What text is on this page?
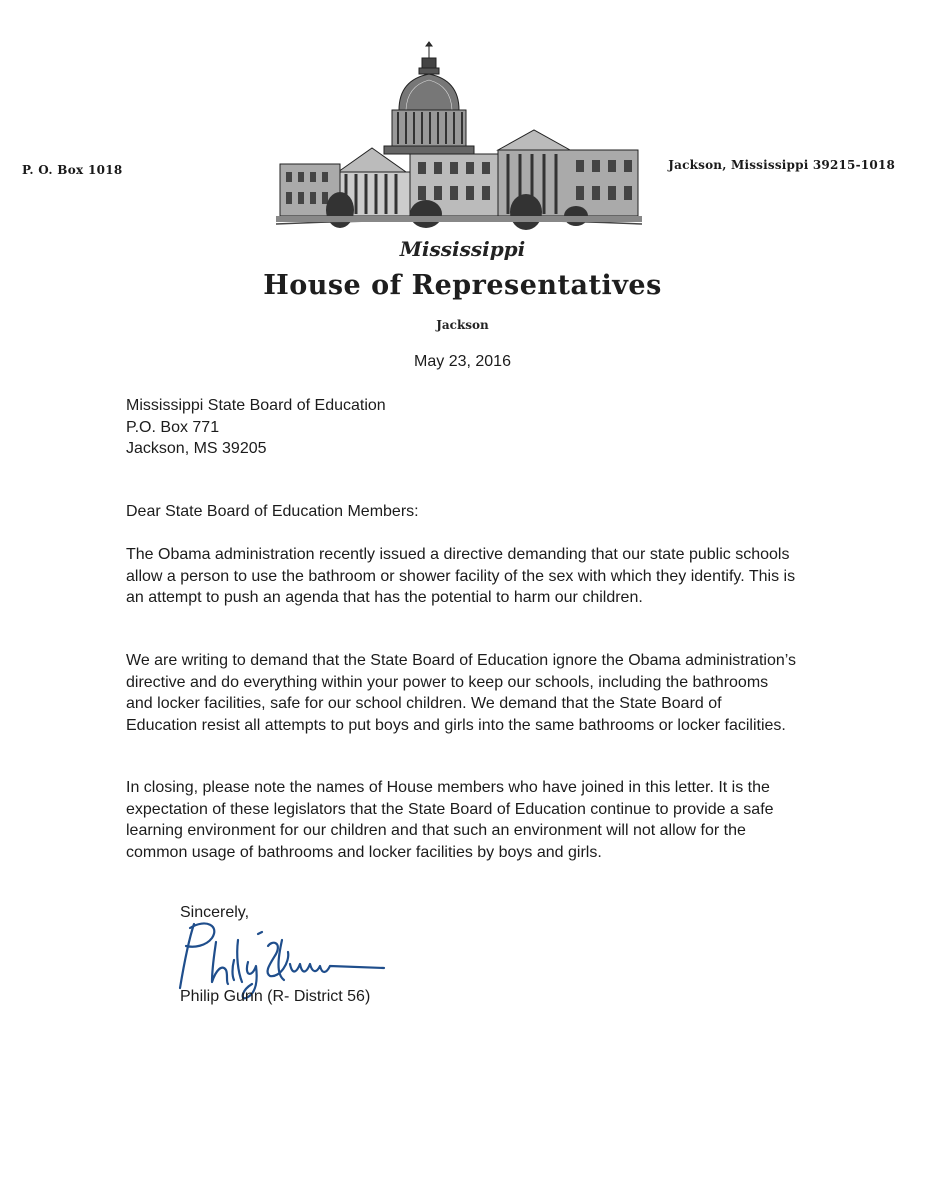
P. O. Box 1018	Jackson, Mississippi 39215-1018
Mississippi
House of Representatives
Jackson
May 23, 2016
Mississippi State Board of Education
P.O. Box 771
Jackson, MS 39205
Dear State Board of Education Members:

The Obama administration recently issued a directive demanding that our state public schools allow a person to use the bathroom or shower facility of the sex with which they identify. This is an attempt to push an agenda that has the potential to harm our children.

We are writing to demand that the State Board of Education ignore the Obama administration’s directive and do everything within your power to keep our schools, including the bathrooms and locker facilities, safe for our school children. We demand that the State Board of Education resist all attempts to put boys and girls into the same bathrooms or locker facilities.

In closing, please note the names of House members who have joined in this letter. It is the expectation of these legislators that the State Board of Education continue to provide a safe learning environment for our children and that such an environment will not allow for the common usage of bathrooms and locker facilities by boys and girls.

Sincerely,
Philip Gunn (R- District 56)
